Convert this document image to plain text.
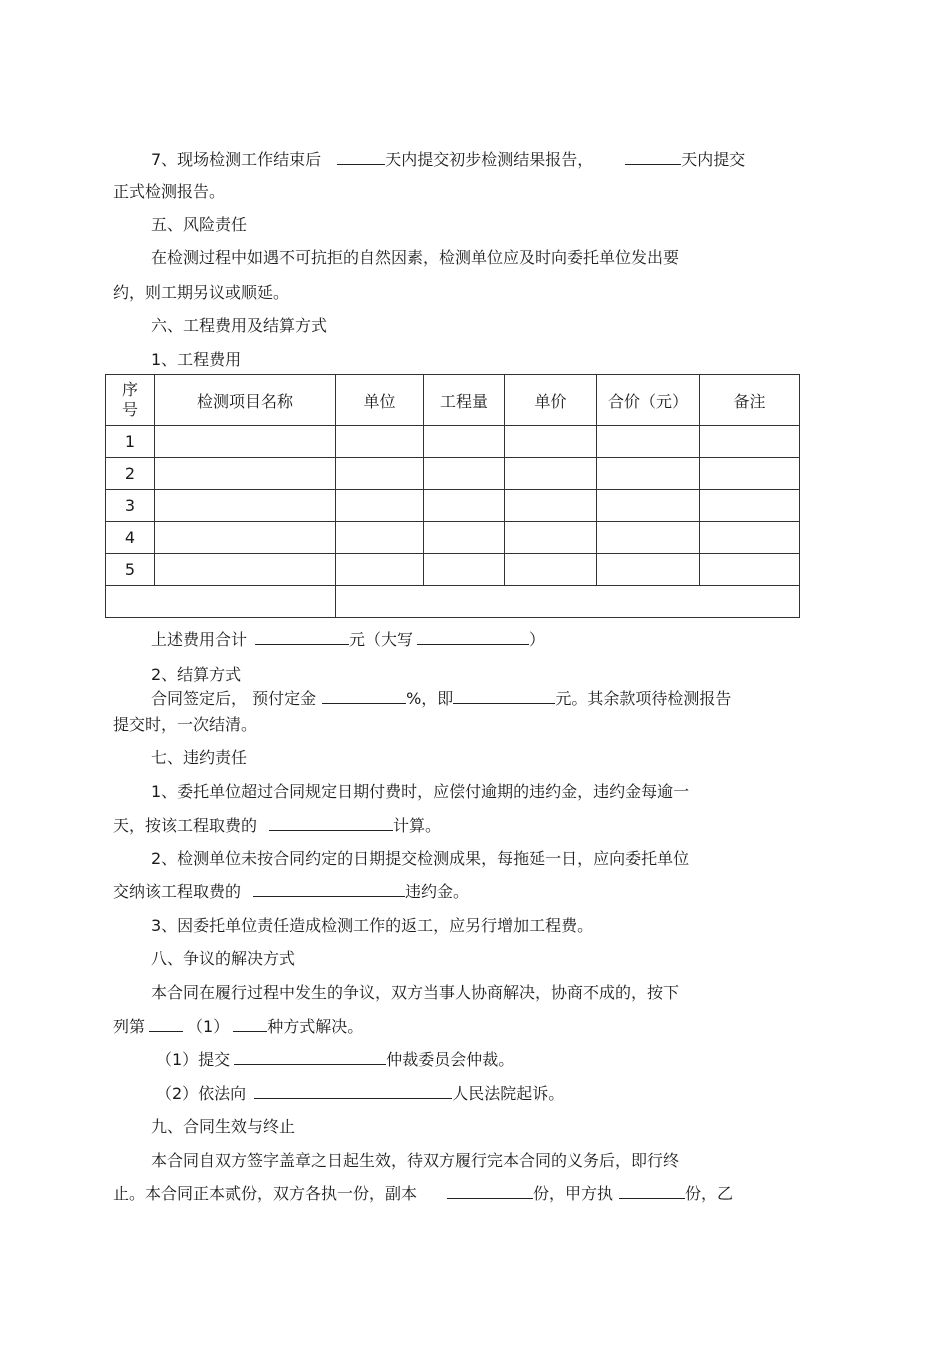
7、现场检测工作结束后	天内提交初步检测结果报告，	天内提交
正式检测报告。
五、风险责任
在检测过程中如遇不可抗拒的自然因素，检测单位应及时向委托单位发出要
约，则工期另议或顺延。
六、工程费用及结算方式
1、工程费用
序
号	检测项目名称	单位	工程量	单价	合价（元）	备注
1						
2						
3						
4						
5						

上述费用合计	元（大写	）
2、结算方式
合同签定后， 预付定金	%，即	元。其余款项待检测报告
提交时，一次结清。
七、违约责任
1、委托单位超过合同规定日期付费时，应偿付逾期的违约金，违约金每逾一
天，按该工程取费的	计算。
2、检测单位未按合同约定的日期提交检测成果，每拖延一日，应向委托单位
交纳该工程取费的	违约金。
3、因委托单位责任造成检测工作的返工，应另行增加工程费。
八、争议的解决方式
本合同在履行过程中发生的争议，双方当事人协商解决，协商不成的，按下
列第	（1） 种方式解决。
（1）提交	仲裁委员会仲裁。
（2）依法向	人民法院起诉。
九、合同生效与终止
本合同自双方签字盖章之日起生效，待双方履行完本合同的义务后，即行终
止。本合同正本贰份，双方各执一份，副本	份，甲方执	份，乙
